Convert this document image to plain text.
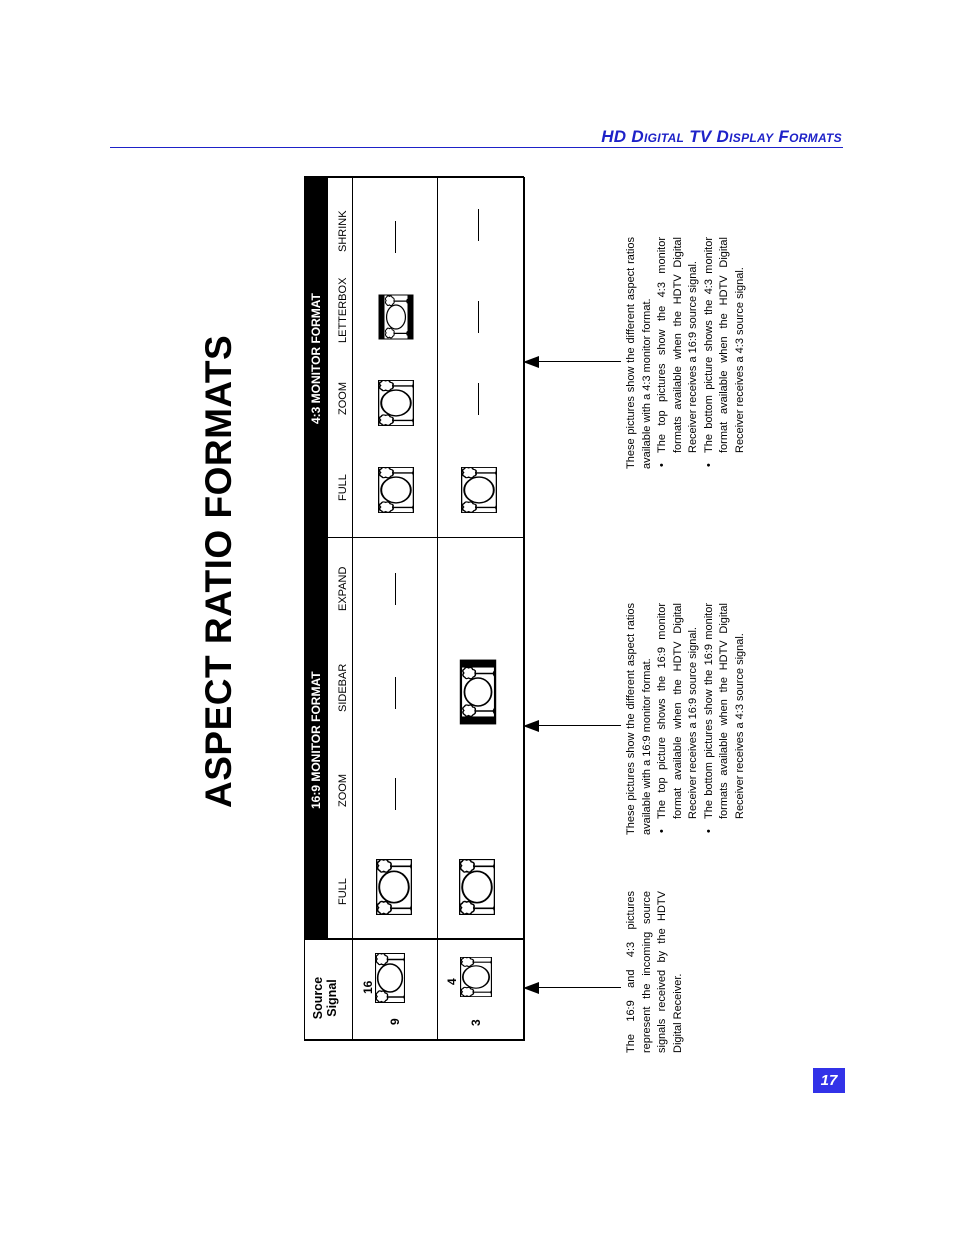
HD Digital TV Display Formats
17
ASPECT RATIO FORMATS
Source Signal
16:9 MONITOR FORMAT
4:3 MONITOR FORMAT
FULL
ZOOM
SIDEBAR
EXPAND
FULL
ZOOM
LETTERBOX
SHRINK
16
9
4
3	The 16:9 and 4:3 pictures represent the incoming source signals received by the HDTV Digital Receiver.

These pictures show the different aspect ratios available with a 16:9 monitor format. • The top picture shows the 16:9 monitor format available when the HDTV Digital Receiver receives a 16:9 source signal. • The bottom pictures show the 16:9 monitor formats available when the HDTV Digital Receiver receives a 4:3 source signal.

These pictures show the different aspect ratios available with a 4:3 monitor format. • The top pictures show the 4:3 monitor formats available when the HDTV Digital Receiver receives a 16:9 source signal. • The bottom picture shows the 4:3 monitor format available when the HDTV Digital Receiver receives a 4:3 source signal.
